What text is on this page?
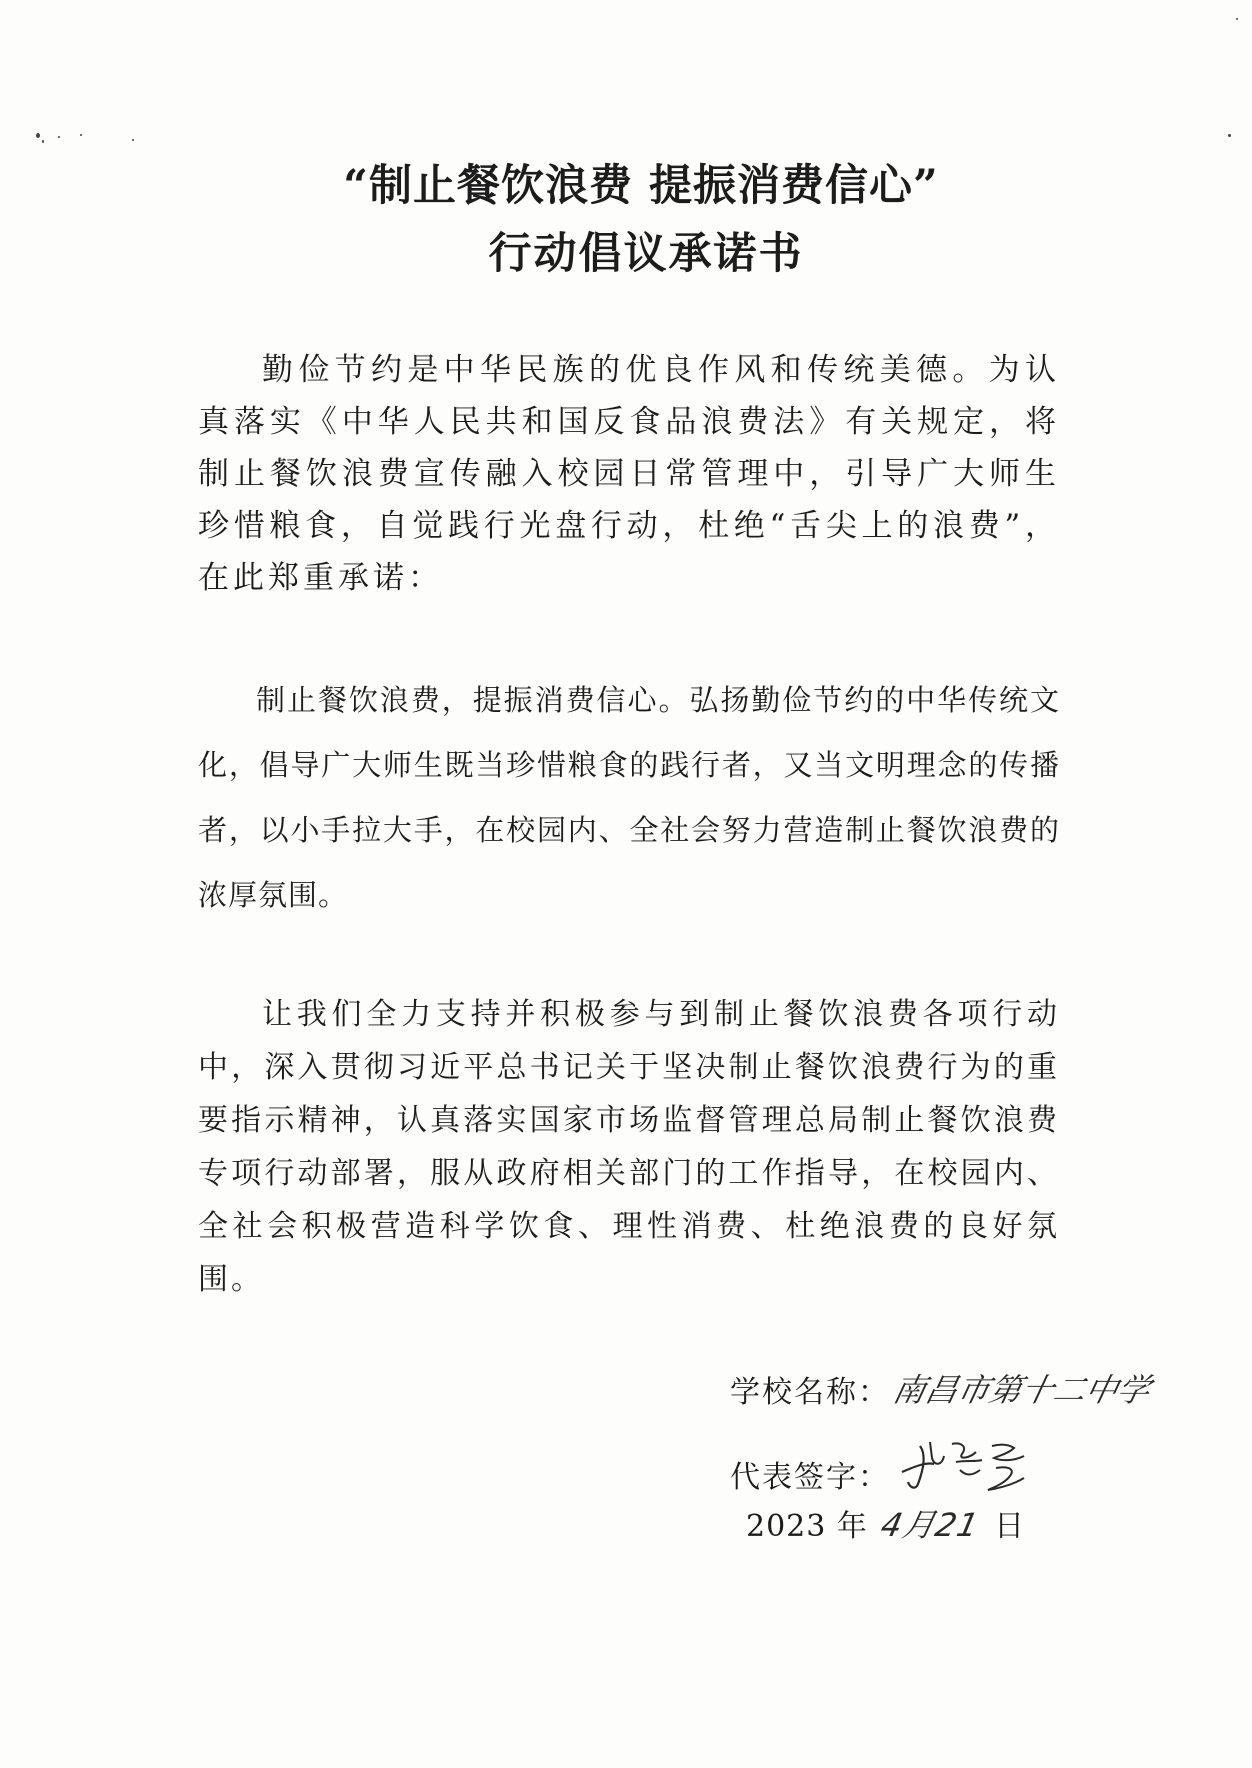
“制止餐饮浪费 提振消费信心”
行动倡议承诺书

勤俭节约是中华民族的优良作风和传统美德。为认真落实《中华人民共和国反食品浪费法》有关规定，将制止餐饮浪费宣传融入校园日常管理中，引导广大师生珍惜粮食，自觉践行光盘行动，杜绝“舌尖上的浪费”，在此郑重承诺：

制止餐饮浪费，提振消费信心。弘扬勤俭节约的中华传统文化，倡导广大师生既当珍惜粮食的践行者，又当文明理念的传播者，以小手拉大手，在校园内、全社会努力营造制止餐饮浪费的浓厚氛围。

让我们全力支持并积极参与到制止餐饮浪费各项行动中，深入贯彻习近平总书记关于坚决制止餐饮浪费行为的重要指示精神，认真落实国家市场监督管理总局制止餐饮浪费专项行动部署，服从政府相关部门的工作指导，在校园内、全社会积极营造科学饮食、理性消费、杜绝浪费的良好氛围。

学校名称： 南昌市第十二中学
代表签字：
2023 年 4月21 日
